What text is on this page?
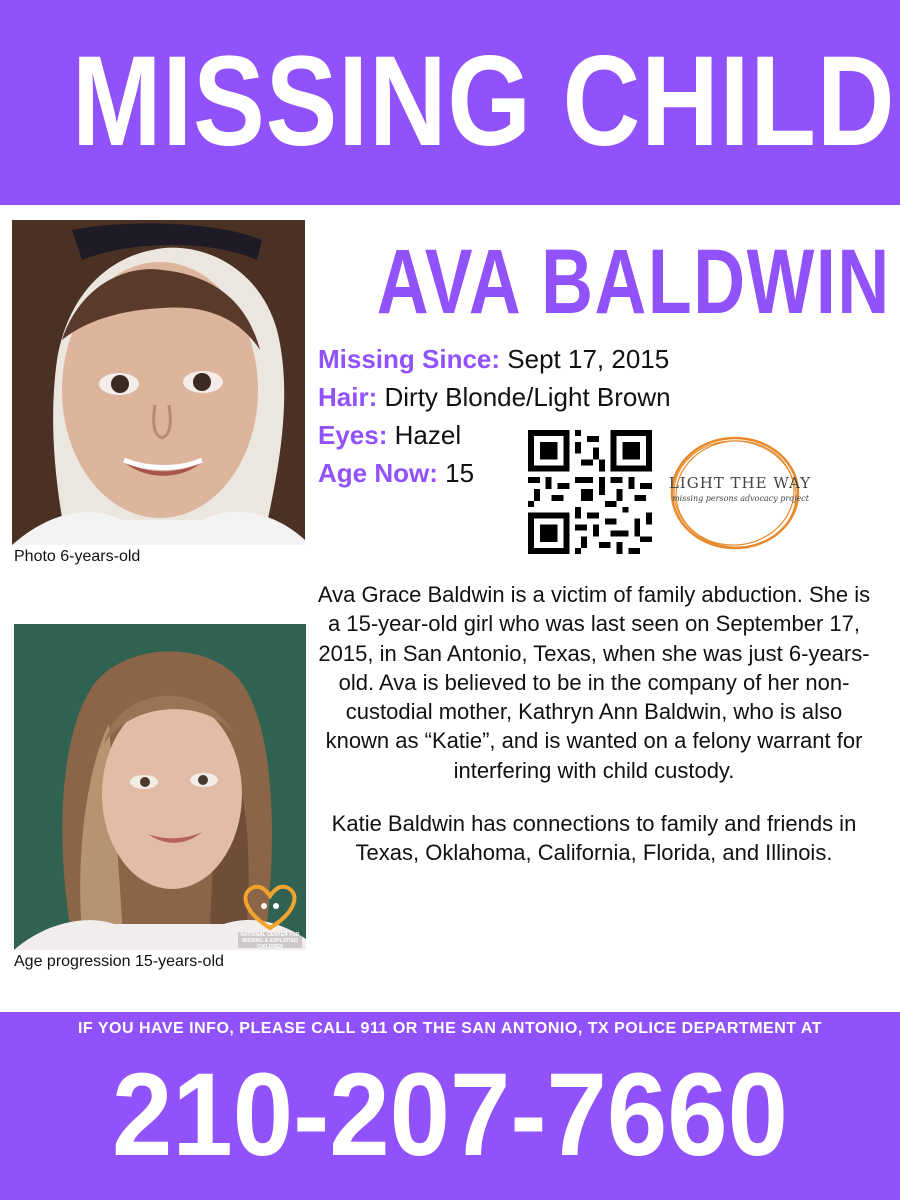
MISSING CHILD
Photo 6-years-old
NATIONAL CENTER FOR MISSING & EXPLOITED CHILDREN
Age progression 15-years-old
AVA BALDWIN
Missing Since: Sept 17, 2015
Hair: Dirty Blonde/Light Brown
Eyes: Hazel
Age Now: 15	LIGHT THE WAY
missing persons advocacy project

Ava Grace Baldwin is a victim of family abduction. She is a 15-year-old girl who was last seen on September 17, 2015, in San Antonio, Texas, when she was just 6-years-old. Ava is believed to be in the company of her non-custodial mother, Kathryn Ann Baldwin, who is also known as “Katie”, and is wanted on a felony warrant for interfering with child custody.

Katie Baldwin has connections to family and friends in Texas, Oklahoma, California, Florida, and Illinois.

IF YOU HAVE INFO, PLEASE CALL 911 OR THE SAN ANTONIO, TX POLICE DEPARTMENT AT
210-207-7660
